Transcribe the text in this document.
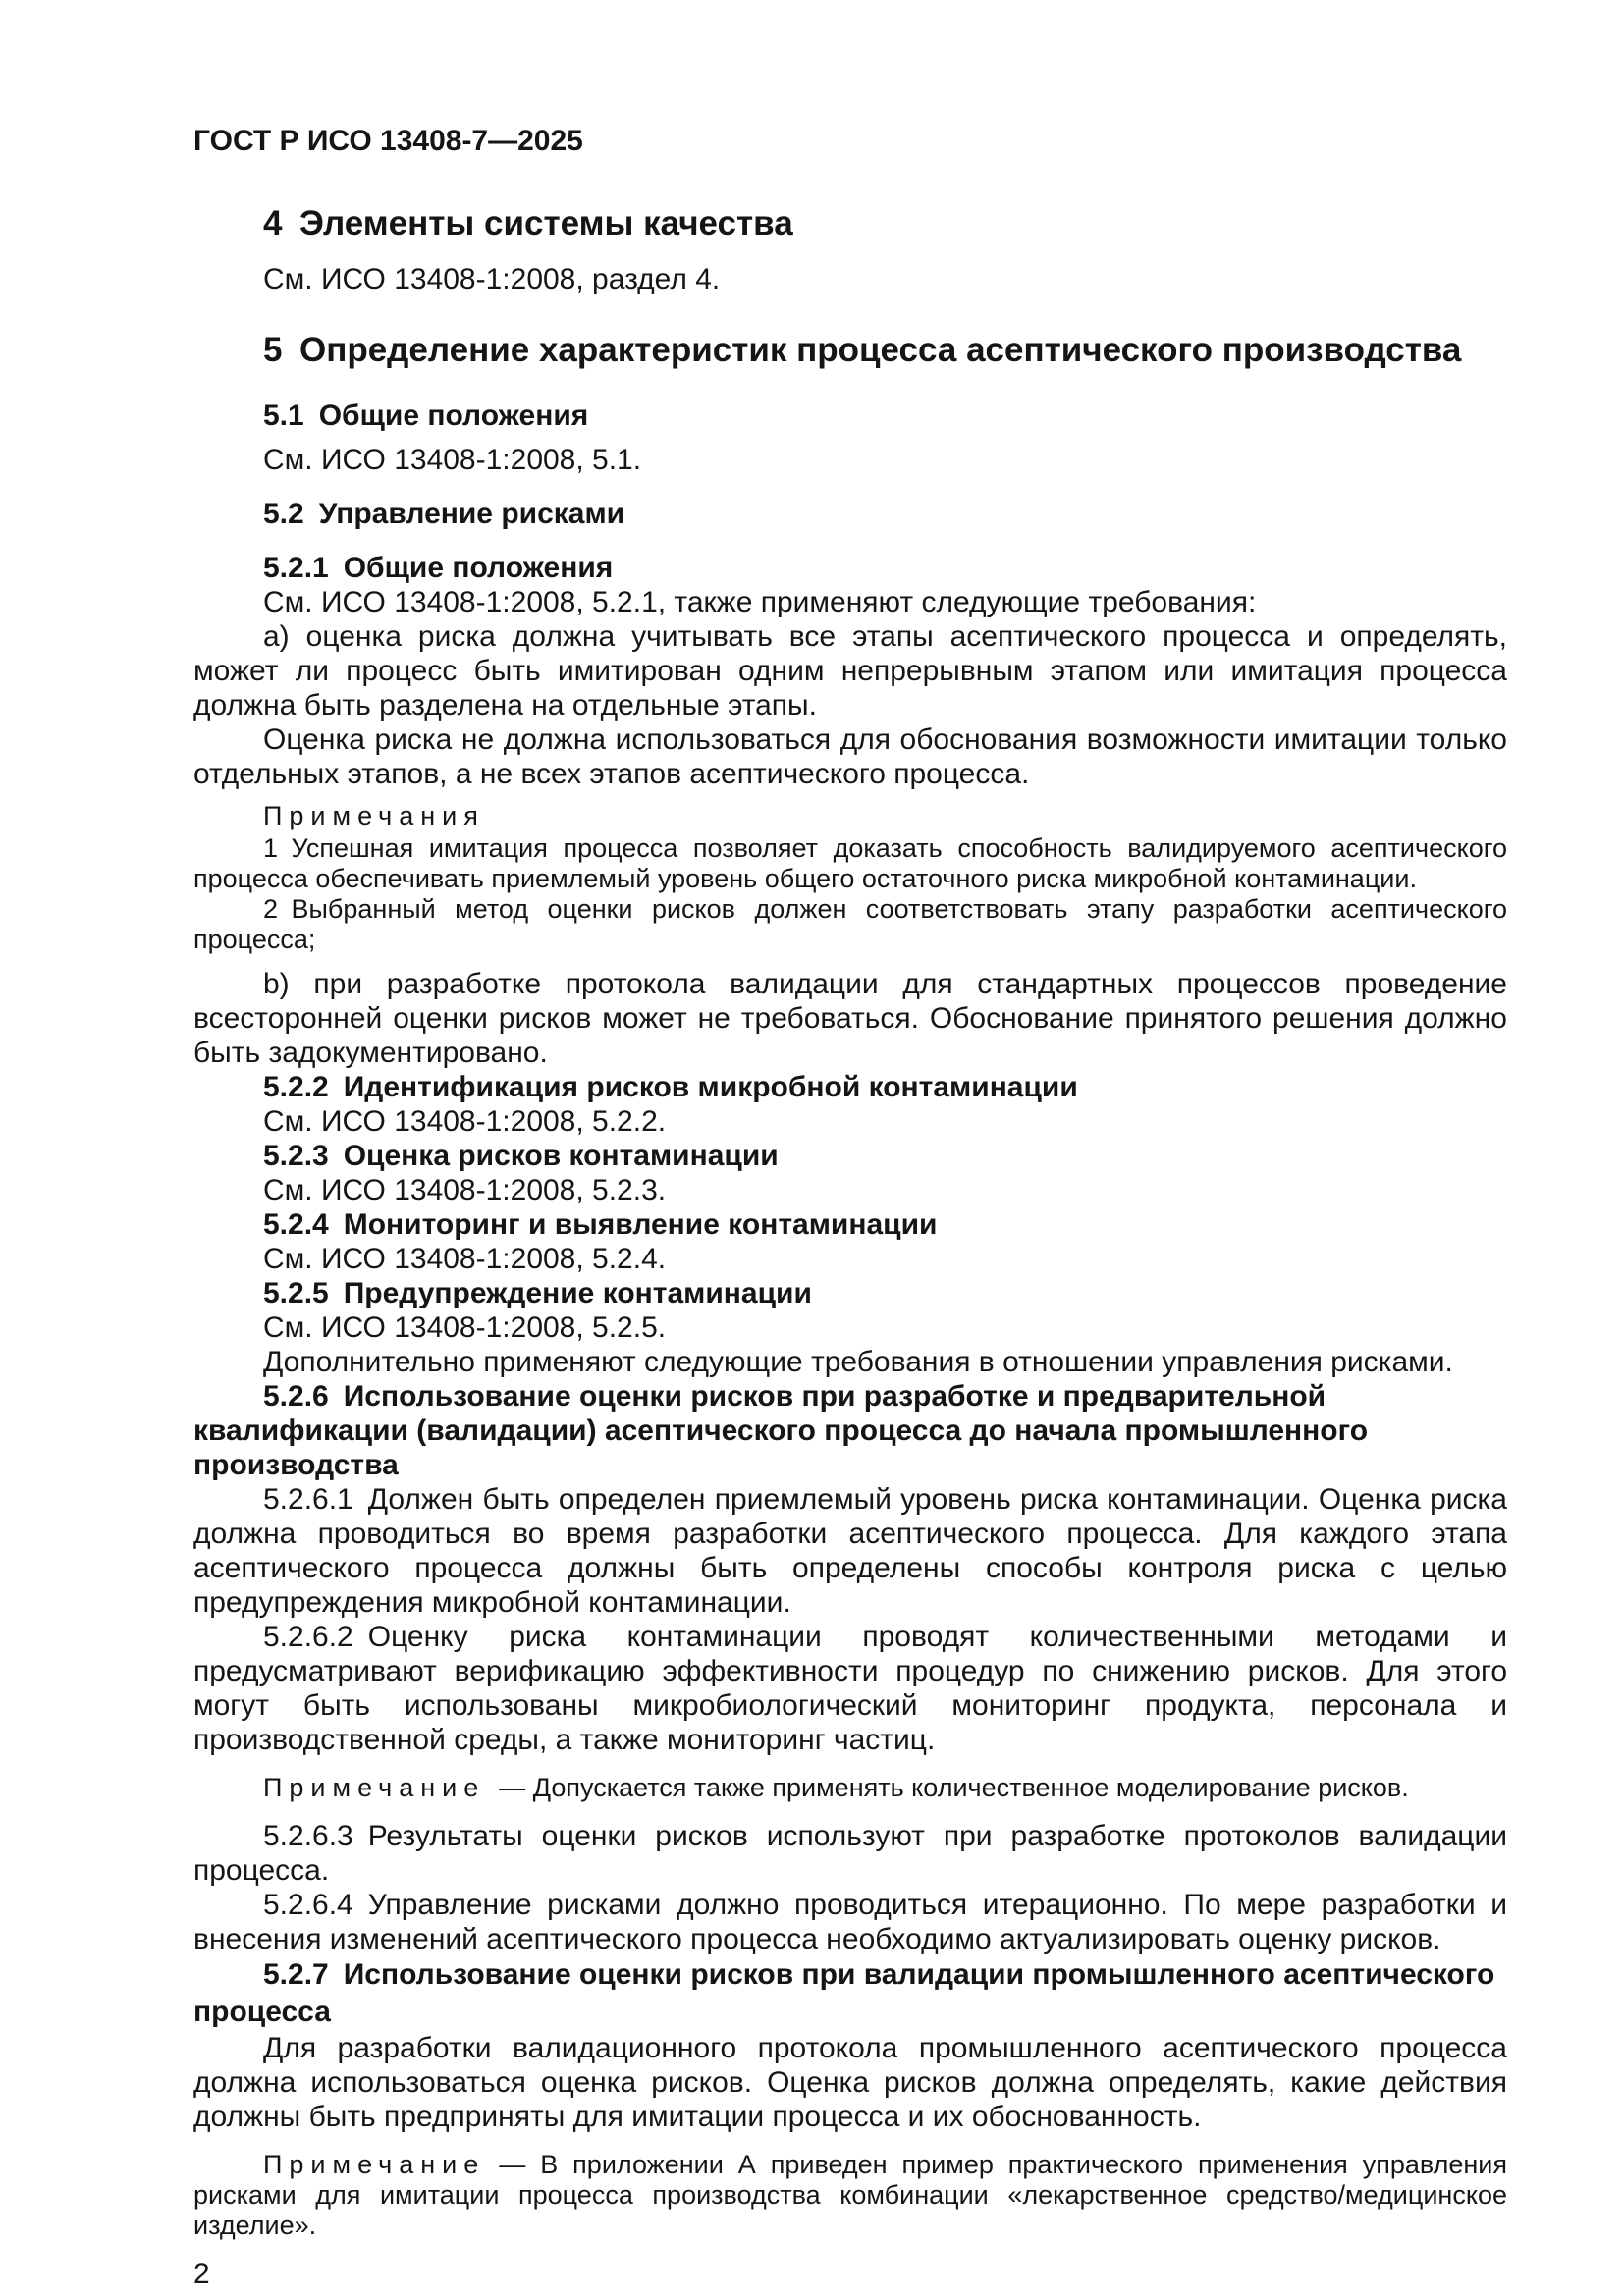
ГОСТ Р ИСО 13408-7—2025
4 Элементы системы качества
См. ИСО 13408-1:2008, раздел 4.
5 Определение характеристик процесса асептического производства
5.1 Общие положения
См. ИСО 13408-1:2008, 5.1.
5.2 Управление рисками
5.2.1 Общие положения
См. ИСО 13408-1:2008, 5.2.1, также применяют следующие требования:
а) оценка риска должна учитывать все этапы асептического процесса и определять, может ли процесс быть имитирован одним непрерывным этапом или имитация процесса должна быть разделена на отдельные этапы.
Оценка риска не должна использоваться для обоснования возможности имитации только отдельных этапов, а не всех этапов асептического процесса.
Примечания
1 Успешная имитация процесса позволяет доказать способность валидируемого асептического процесса обеспечивать приемлемый уровень общего остаточного риска микробной контаминации.
2 Выбранный метод оценки рисков должен соответствовать этапу разработки асептического процесса;
b) при разработке протокола валидации для стандартных процессов проведение всесторонней оценки рисков может не требоваться. Обоснование принятого решения должно быть задокументировано.
5.2.2 Идентификация рисков микробной контаминации
См. ИСО 13408-1:2008, 5.2.2.
5.2.3 Оценка рисков контаминации
См. ИСО 13408-1:2008, 5.2.3.
5.2.4 Мониторинг и выявление контаминации
См. ИСО 13408-1:2008, 5.2.4.
5.2.5 Предупреждение контаминации
См. ИСО 13408-1:2008, 5.2.5.
Дополнительно применяют следующие требования в отношении управления рисками.
5.2.6 Использование оценки рисков при разработке и предварительной квалификации (валидации) асептического процесса до начала промышленного производства
5.2.6.1 Должен быть определен приемлемый уровень риска контаминации. Оценка риска должна проводиться во время разработки асептического процесса. Для каждого этапа асептического процесса должны быть определены способы контроля риска с целью предупреждения микробной контаминации.
5.2.6.2 Оценку риска контаминации проводят количественными методами и предусматривают верификацию эффективности процедур по снижению рисков. Для этого могут быть использованы микробиологический мониторинг продукта, персонала и производственной среды, а также мониторинг частиц.
Примечание — Допускается также применять количественное моделирование рисков.
5.2.6.3 Результаты оценки рисков используют при разработке протоколов валидации процесса.
5.2.6.4 Управление рисками должно проводиться итерационно. По мере разработки и внесения изменений асептического процесса необходимо актуализировать оценку рисков.
5.2.7 Использование оценки рисков при валидации промышленного асептического процесса
Для разработки валидационного протокола промышленного асептического процесса должна использоваться оценка рисков. Оценка рисков должна определять, какие действия должны быть предприняты для имитации процесса и их обоснованность.
Примечание — В приложении А приведен пример практического применения управления рисками для имитации процесса производства комбинации «лекарственное средство/медицинское изделие».
2
